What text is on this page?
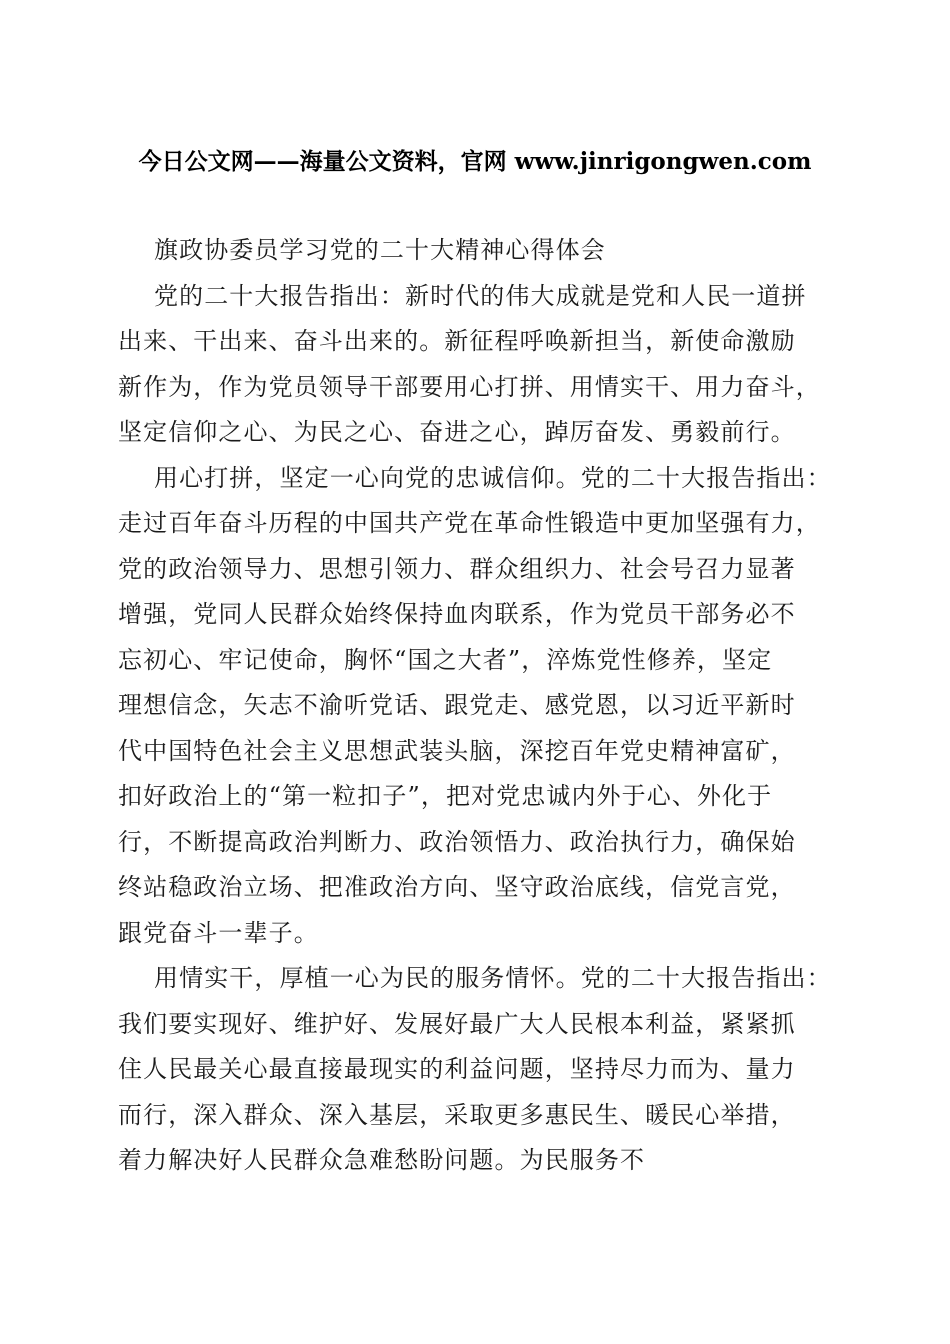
今日公文网——海量公文资料，官网 www.jinrigongwen.com
旗政协委员学习党的二十大精神心得体会
党的二十大报告指出：新时代的伟大成就是党和人民一道拼
出来、干出来、奋斗出来的。新征程呼唤新担当，新使命激励
新作为，作为党员领导干部要用心打拼、用情实干、用力奋斗，
坚定信仰之心、为民之心、奋进之心，踔厉奋发、勇毅前行。
用心打拼，坚定一心向党的忠诚信仰。党的二十大报告指出：
走过百年奋斗历程的中国共产党在革命性锻造中更加坚强有力，
党的政治领导力、思想引领力、群众组织力、社会号召力显著
增强，党同人民群众始终保持血肉联系，作为党员干部务必不
忘初心、牢记使命，胸怀“国之大者”，淬炼党性修养，坚定
理想信念，矢志不渝听党话、跟党走、感党恩，以习近平新时
代中国特色社会主义思想武装头脑，深挖百年党史精神富矿，
扣好政治上的“第一粒扣子”，把对党忠诚内外于心、外化于
行，不断提高政治判断力、政治领悟力、政治执行力，确保始
终站稳政治立场、把准政治方向、坚守政治底线，信党言党，
跟党奋斗一辈子。
用情实干，厚植一心为民的服务情怀。党的二十大报告指出：
我们要实现好、维护好、发展好最广大人民根本利益，紧紧抓
住人民最关心最直接最现实的利益问题，坚持尽力而为、量力
而行，深入群众、深入基层，采取更多惠民生、暖民心举措，
着力解决好人民群众急难愁盼问题。为民服务不
